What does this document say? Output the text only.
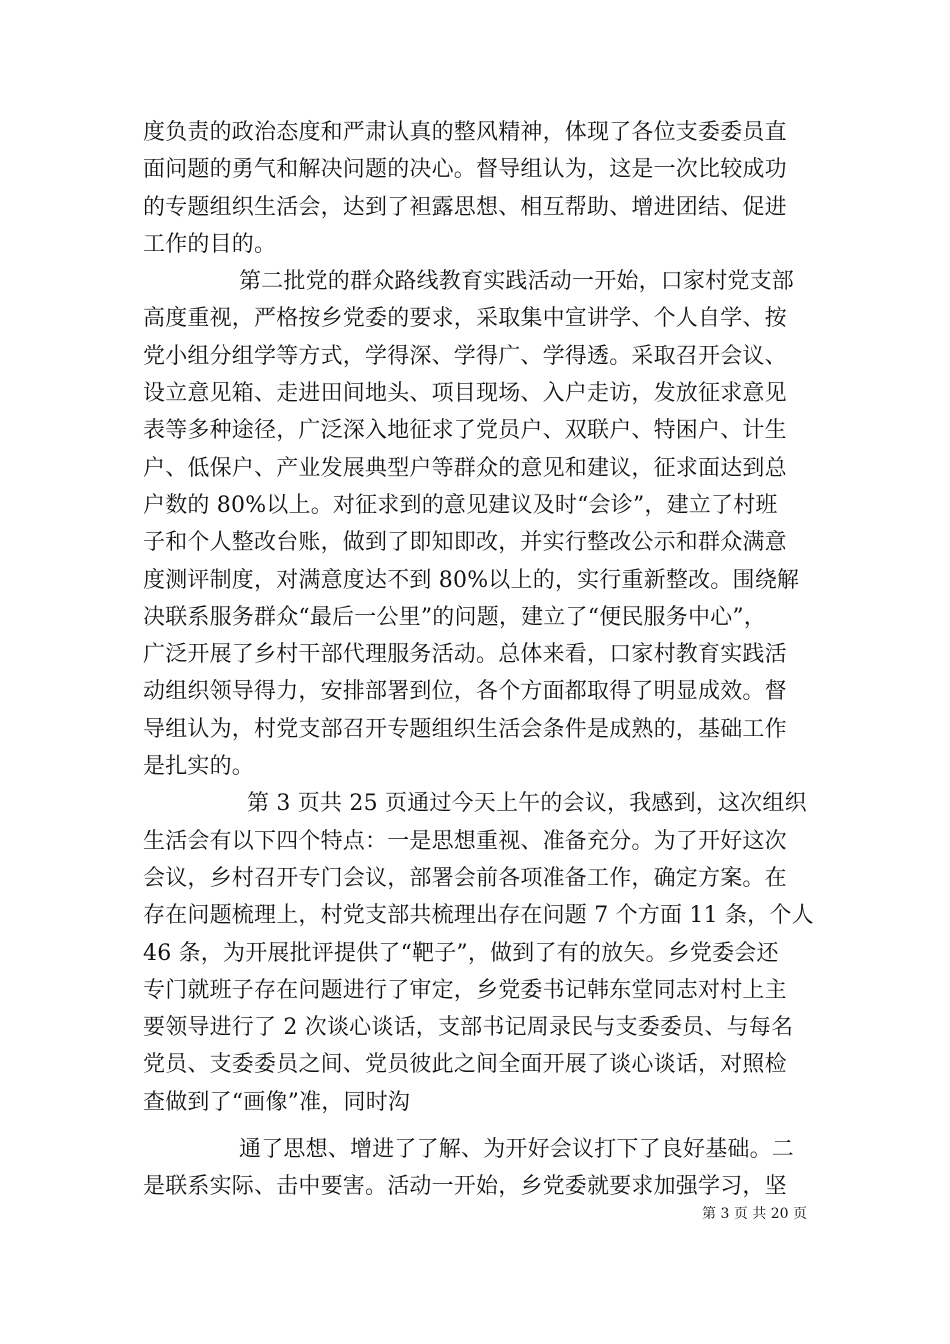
度负责的政治态度和严肃认真的整风精神，体现了各位支委委员直
面问题的勇气和解决问题的决心。督导组认为，这是一次比较成功
的专题组织生活会，达到了袒露思想、相互帮助、增进团结、促进
工作的目的。
第二批党的群众路线教育实践活动一开始，口家村党支部
高度重视，严格按乡党委的要求，采取集中宣讲学、个人自学、按
党小组分组学等方式，学得深、学得广、学得透。采取召开会议、
设立意见箱、走进田间地头、项目现场、入户走访，发放征求意见
表等多种途径，广泛深入地征求了党员户、双联户、特困户、计生
户、低保户、产业发展典型户等群众的意见和建议，征求面达到总
户数的 80%以上。对征求到的意见建议及时“会诊”，建立了村班
子和个人整改台账，做到了即知即改，并实行整改公示和群众满意
度测评制度，对满意度达不到 80%以上的，实行重新整改。围绕解
决联系服务群众“最后一公里”的问题，建立了“便民服务中心”，
广泛开展了乡村干部代理服务活动。总体来看，口家村教育实践活
动组织领导得力，安排部署到位，各个方面都取得了明显成效。督
导组认为，村党支部召开专题组织生活会条件是成熟的，基础工作
是扎实的。
第 3 页共 25 页通过今天上午的会议，我感到，这次组织
生活会有以下四个特点：一是思想重视、准备充分。为了开好这次
会议，乡村召开专门会议，部署会前各项准备工作，确定方案。在
存在问题梳理上，村党支部共梳理出存在问题 7 个方面 11 条，个人
46 条，为开展批评提供了“靶子”，做到了有的放矢。乡党委会还
专门就班子存在问题进行了审定，乡党委书记韩东堂同志对村上主
要领导进行了 2 次谈心谈话，支部书记周录民与支委委员、与每名
党员、支委委员之间、党员彼此之间全面开展了谈心谈话，对照检
查做到了“画像”准，同时沟
通了思想、增进了了解、为开好会议打下了良好基础。二
是联系实际、击中要害。活动一开始，乡党委就要求加强学习，坚
第 3 页 共 20 页
